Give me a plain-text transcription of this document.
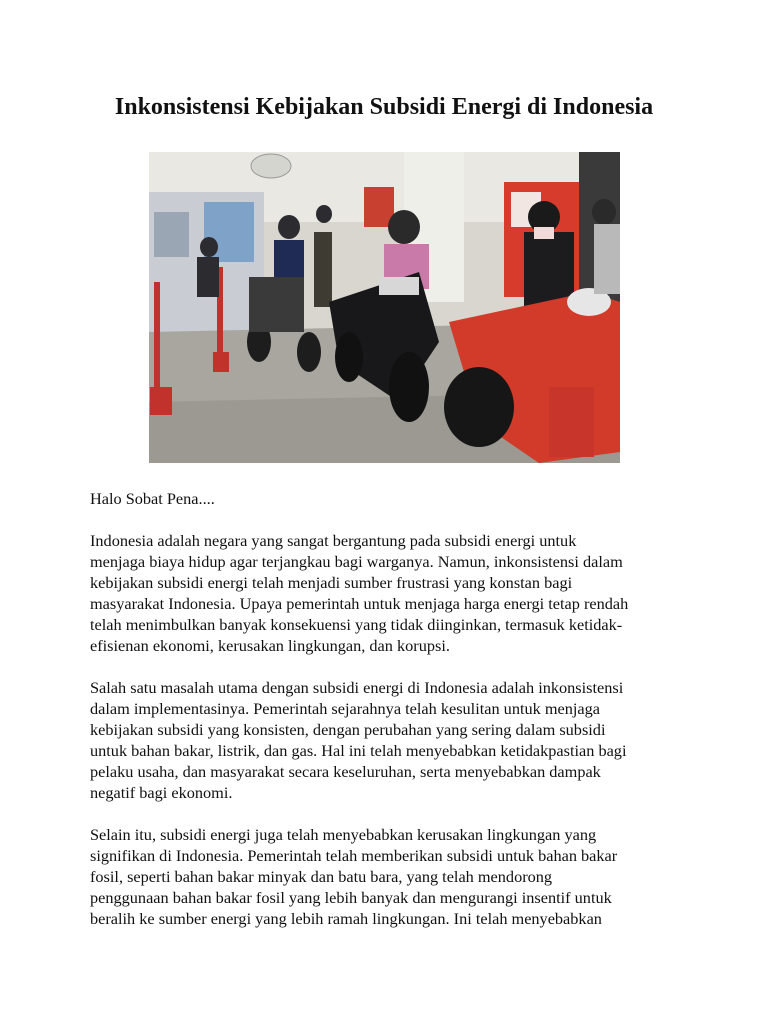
Inkonsistensi Kebijakan Subsidi Energi di Indonesia

Halo Sobat Pena....

Indonesia adalah negara yang sangat bergantung pada subsidi energi untuk
menjaga biaya hidup agar terjangkau bagi warganya. Namun, inkonsistensi dalam
kebijakan subsidi energi telah menjadi sumber frustrasi yang konstan bagi
masyarakat Indonesia. Upaya pemerintah untuk menjaga harga energi tetap rendah
telah menimbulkan banyak konsekuensi yang tidak diinginkan, termasuk ketidak-
efisienan ekonomi, kerusakan lingkungan, dan korupsi.

Salah satu masalah utama dengan subsidi energi di Indonesia adalah inkonsistensi
dalam implementasinya. Pemerintah sejarahnya telah kesulitan untuk menjaga
kebijakan subsidi yang konsisten, dengan perubahan yang sering dalam subsidi
untuk bahan bakar, listrik, dan gas. Hal ini telah menyebabkan ketidakpastian bagi
pelaku usaha, dan masyarakat secara keseluruhan, serta menyebabkan dampak
negatif bagi ekonomi.

Selain itu, subsidi energi juga telah menyebabkan kerusakan lingkungan yang
signifikan di Indonesia. Pemerintah telah memberikan subsidi untuk bahan bakar
fosil, seperti bahan bakar minyak dan batu bara, yang telah mendorong
penggunaan bahan bakar fosil yang lebih banyak dan mengurangi insentif untuk
beralih ke sumber energi yang lebih ramah lingkungan. Ini telah menyebabkan
